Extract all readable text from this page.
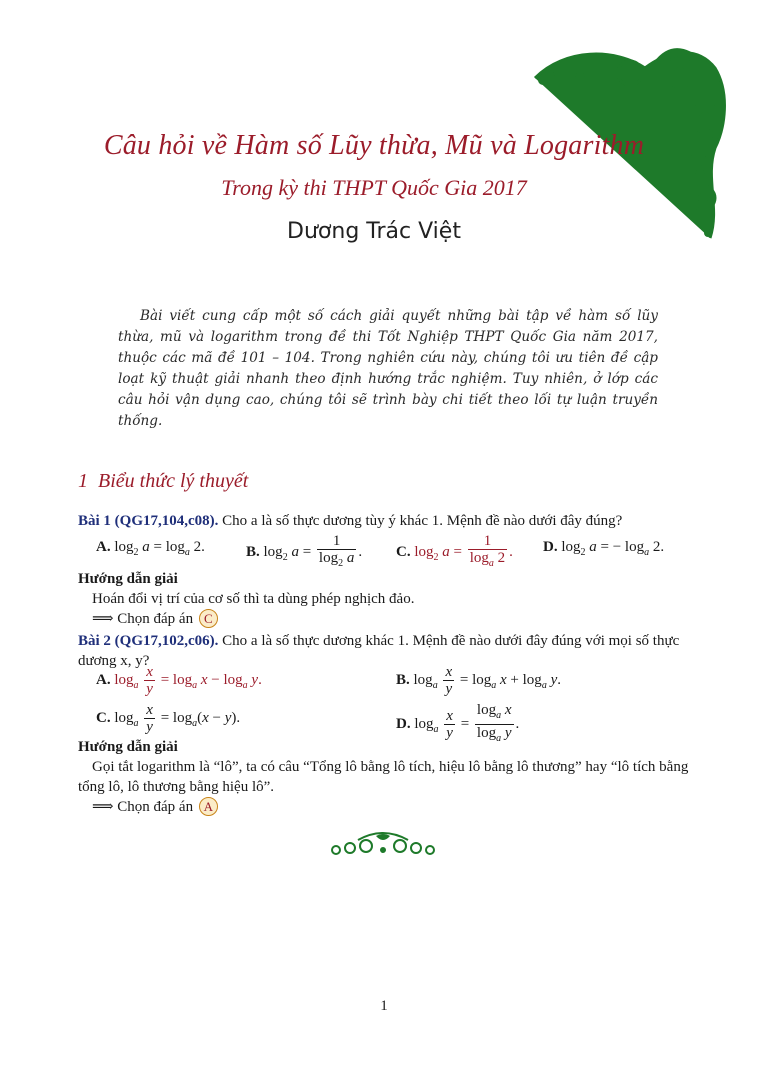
Câu hỏi về Hàm số Lũy thừa, Mũ và Logarithm
Trong kỳ thi THPT Quốc Gia 2017
Dương Trác Việt

Bài viết cung cấp một số cách giải quyết những bài tập về hàm số lũy thừa, mũ và logarithm trong đề thi Tốt Nghiệp THPT Quốc Gia năm 2017, thuộc các mã đề 101 – 104. Trong nghiên cứu này, chúng tôi ưu tiên đề cập loạt kỹ thuật giải nhanh theo định hướng trắc nghiệm. Tuy nhiên, ở lớp các câu hỏi vận dụng cao, chúng tôi sẽ trình bày chi tiết theo lối tự luận truyền thống.

1 Biểu thức lý thuyết
Bài 1 (QG17,104,c08). Cho a là số thực dương tùy ý khác 1. Mệnh đề nào dưới đây đúng?
A. $\log_2 a = \log_a 2$.	B. $\log_2 a = \frac{1}{\log_2 a}$ . C. $\log_2 a = \frac{1}{\log_a 2}$ . D. $\log_2 a$ = − $\log_a 2$.
Hướng dẫn giải
Hoán đổi vị trí của cơ số thì ta dùng phép nghịch đảo.
⟹ Chọn đáp án C
Bài 2 (QG17,102,c06). Cho a là số thực dương khác 1. Mệnh đề nào dưới đây đúng với mọi số thực dương x, y?
A. $\log_a \frac{x}{y} = \log_a x - \log_a y$.	B. $\log_a \frac{x}{y} = \log_a x + \log_a y$.
C. $\log_a \frac{x}{y} = \log_a(x - y)$.	D. $\log_a \frac{x}{y} = \frac{\log_a x}{\log_a y}$ .
Hướng dẫn giải
Gọi tắt logarithm là “lô”, ta có câu “Tổng lô bằng lô tích, hiệu lô bằng lô thương” hay “lô tích bằng tổng lô, lô thương bằng hiệu lô”.
⟹ Chọn đáp án A
1
